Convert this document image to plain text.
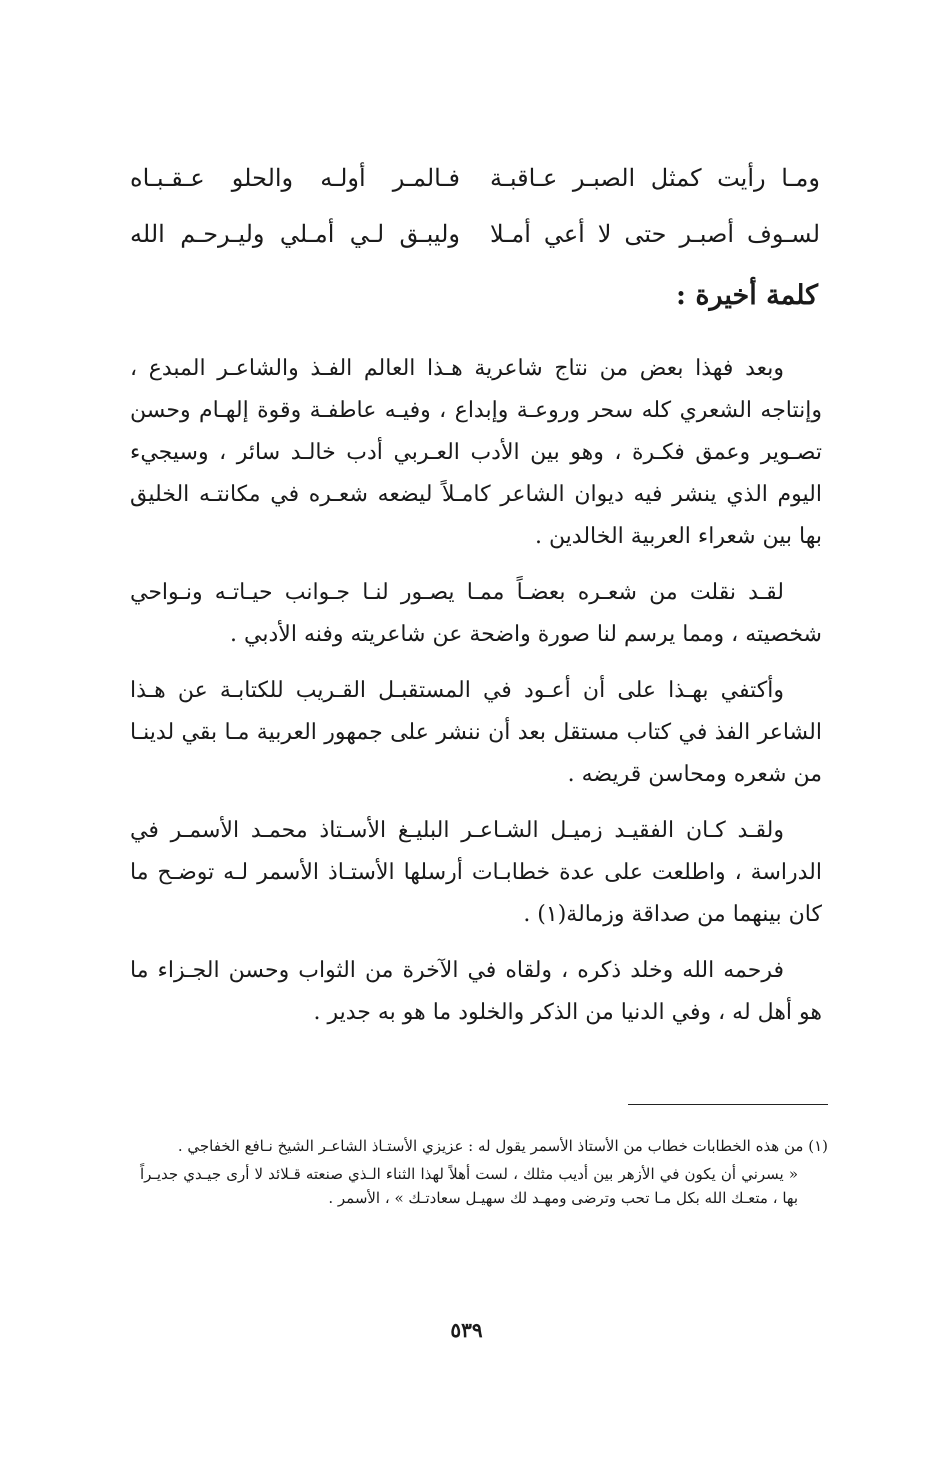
ومـا رأيت كمثل الصبـر عـاقبـة
فـالمـر أولـه والحلو عـقـبـاه
لسـوف أصبـر حتى لا أعي أمـلا
وليبـق لـي أمـلي وليـرحـم الله
كلمة أخيرة :

وبعد فهذا بعض من نتاج شاعرية هـذا العالم الفـذ والشاعـر المبدع ، وإنتاجه الشعري كله سحر وروعـة وإبداع ، وفيـه عاطفـة وقوة إلهـام وحسن تصـوير وعمق فكـرة ، وهو بين الأدب العـربي أدب خالـد سائر ، وسيجيء اليوم الذي ينشر فيه ديوان الشاعر كامـلاً ليضعه شعـره في مكانتـه الخليق بها بين شعراء العربية الخالدين .

لقـد نقلت من شعـره بعضـاً ممـا يصـور لنـا جـوانب حيـاتـه ونـواحي شخصيته ، ومما يرسم لنا صورة واضحة عن شاعريته وفنه الأدبي .

وأكتفي بهـذا على أن أعـود في المستقبـل القـريب للكتابـة عن هـذا الشاعر الفذ في كتاب مستقل بعد أن ننشر على جمهور العربية مـا بقي لدينـا من شعره ومحاسن قريضه .

ولقـد كـان الفقيـد زميـل الشـاعـر البليـغ الأسـتاذ محمـد الأسمـر في الدراسة ، واطلعت على عدة خطابـات أرسلها الأستـاذ الأسمر لـه توضـح ما كان بينهما من صداقة وزمالة(١) .

فرحمه الله وخلد ذكره ، ولقاه في الآخرة من الثواب وحسن الجـزاء ما هو أهل له ، وفي الدنيا من الذكر والخلود ما هو به جدير .

(١) من هذه الخطابات خطاب من الأستاذ الأسمر يقول له : عزيزي الأستـاذ الشاعـر الشيخ نـافع الخفاجي .

« يسرني أن يكون في الأزهر بين أديب مثلك ، لست أهلاً لهذا الثناء الـذي صنعته قـلائد لا أرى جيـدي جديـراً بها ، متعـك الله بكل مـا تحب وترضى ومهـد لك سهيـل سعادتـك » ، الأسمر .

٥٣٩
